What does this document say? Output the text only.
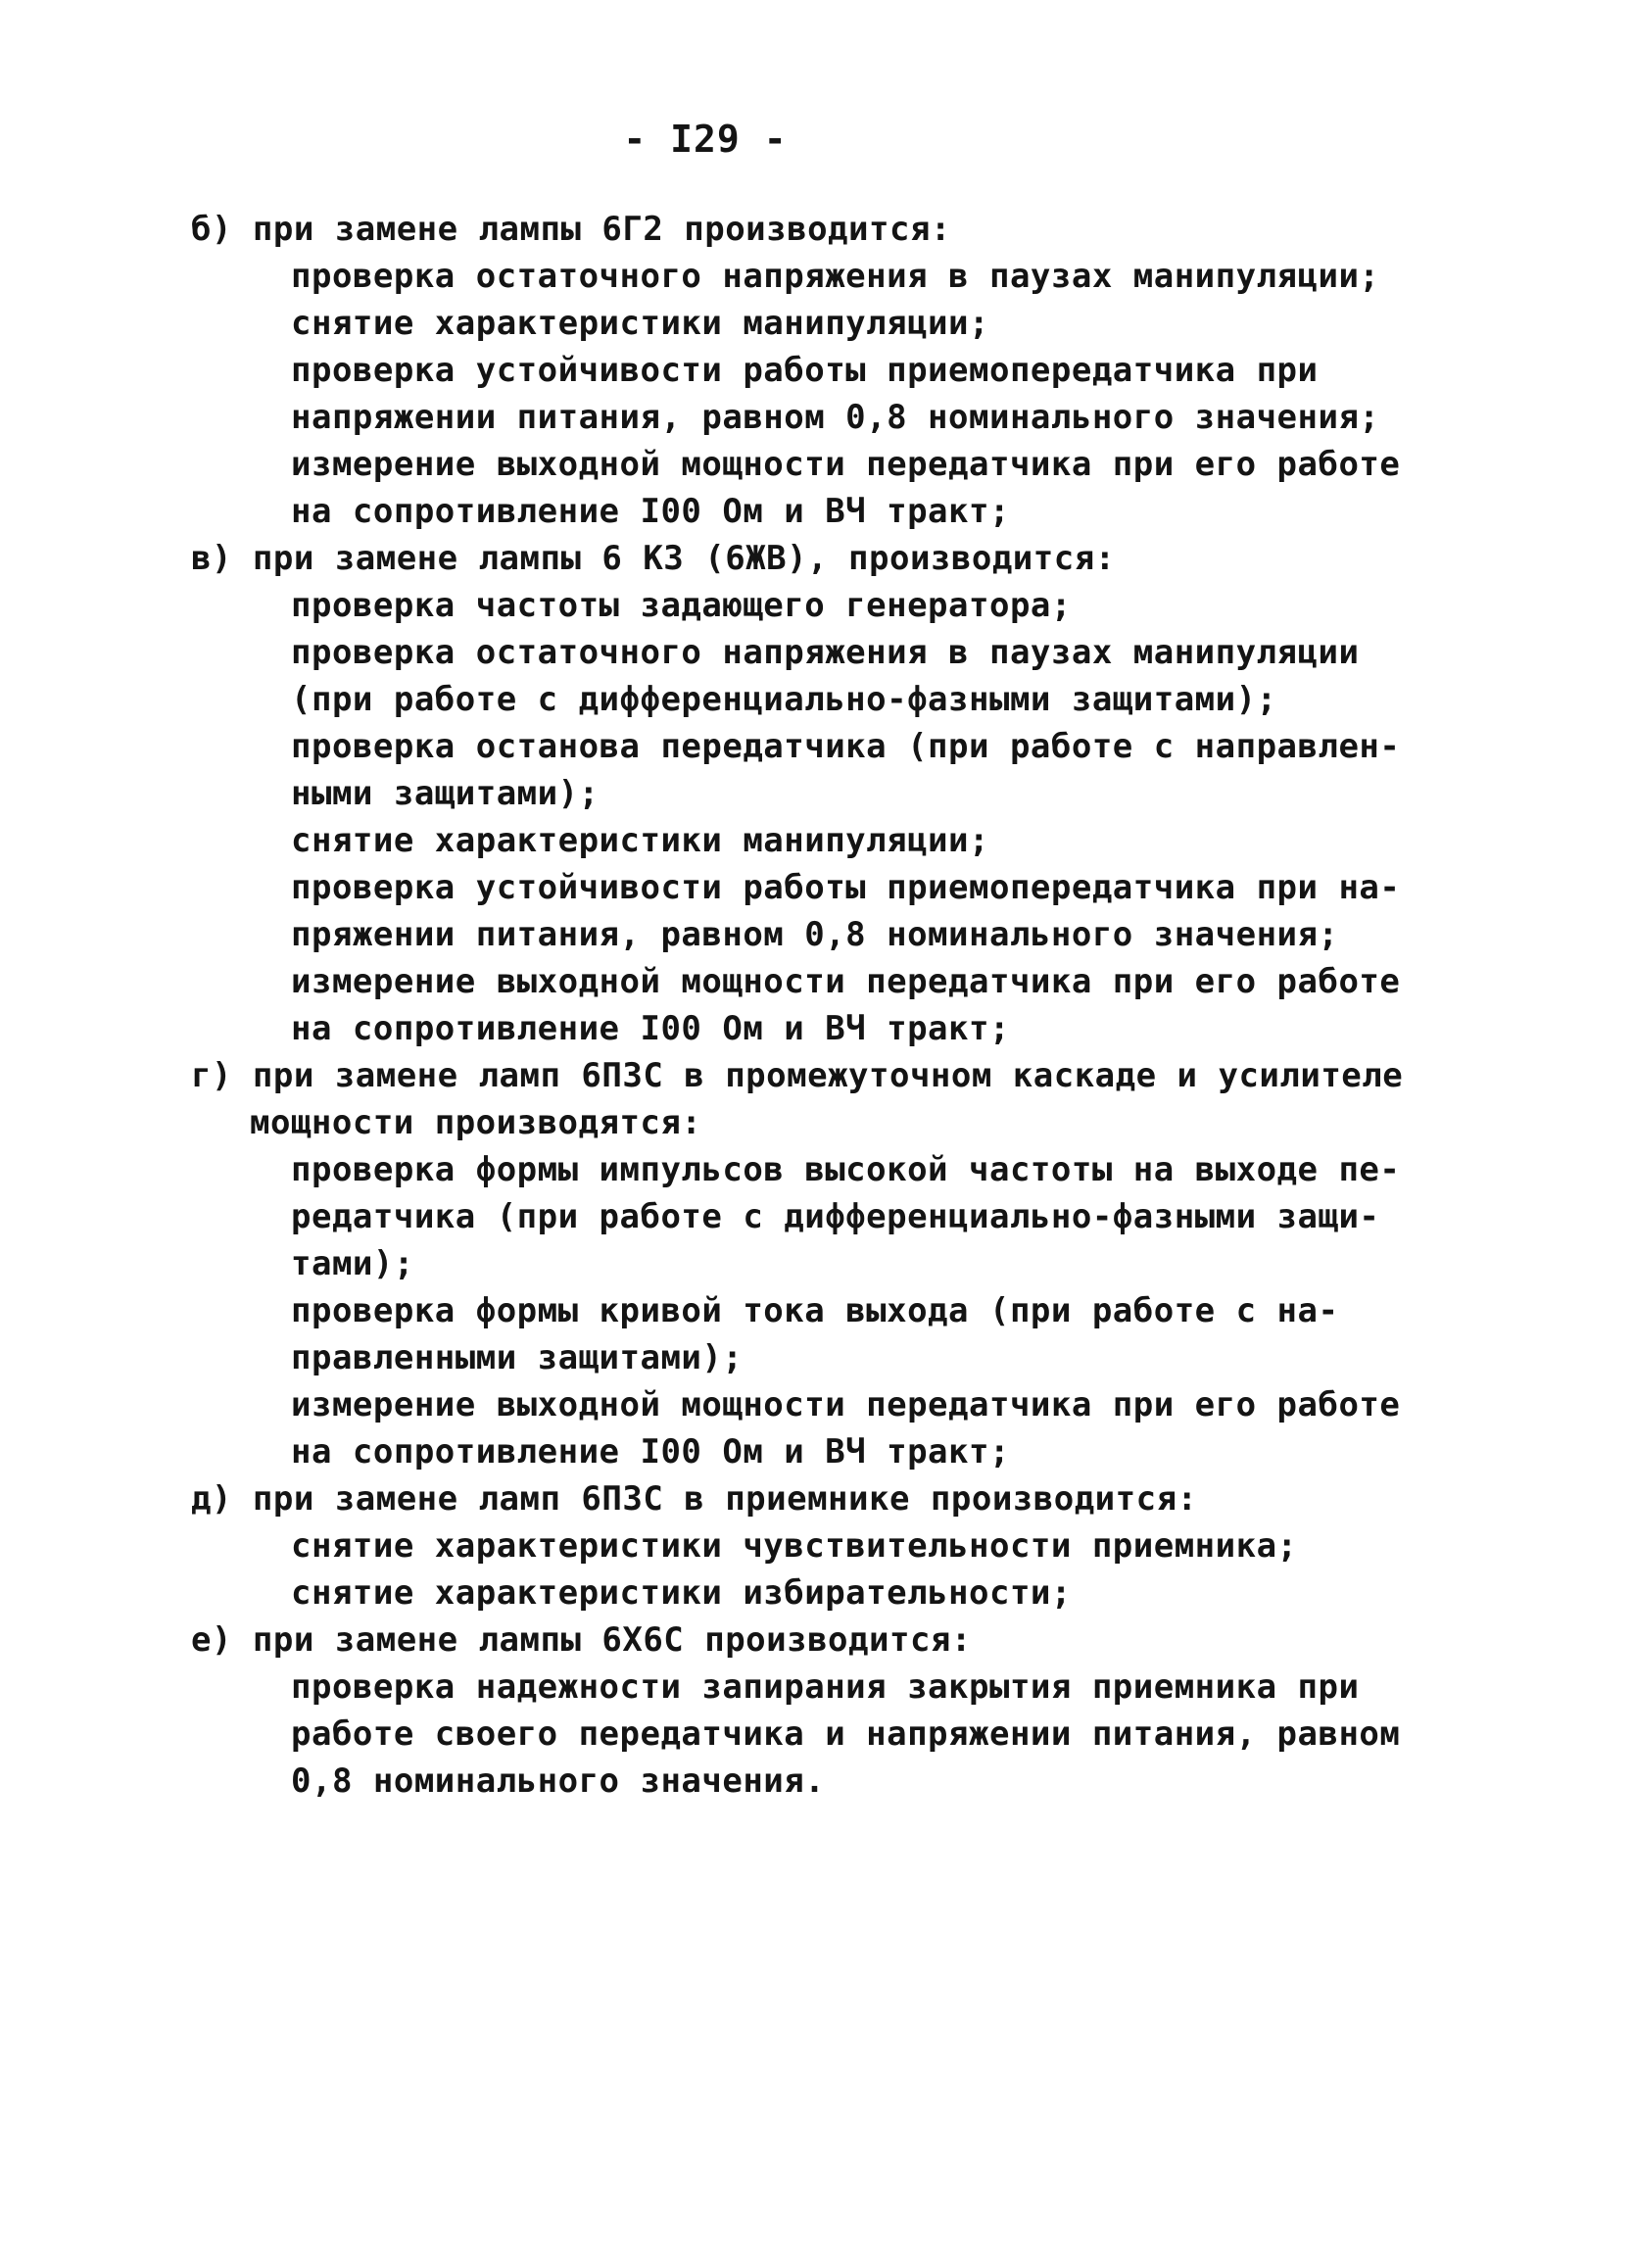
- I29 -
б) при замене лампы 6Г2 производится:
проверка остаточного напряжения в паузах манипуляции;
снятие характеристики манипуляции;
проверка устойчивости работы приемопередатчика при
напряжении питания, равном 0,8 номинального значения;
измерение выходной мощности передатчика при его работе
на сопротивление I00 Ом и ВЧ тракт;
в) при замене лампы 6 К3 (6ЖВ), производится:
проверка частоты задающего генератора;
проверка остаточного напряжения в паузах манипуляции
(при работе с дифференциально-фазными защитами);
проверка останова передатчика (при работе с направлен-
ными защитами);
снятие характеристики манипуляции;
проверка устойчивости работы приемопередатчика при на-
пряжении питания, равном 0,8 номинального значения;
измерение выходной мощности передатчика при его работе
на сопротивление I00 Ом и ВЧ тракт;
г) при замене ламп 6П3С в промежуточном каскаде и усилителе
мощности производятся:
проверка формы импульсов высокой частоты на выходе пе-
редатчика (при работе с дифференциально-фазными защи-
тами);
проверка формы кривой тока выхода (при работе с на-
правленными защитами);
измерение выходной мощности передатчика при его работе
на сопротивление I00 Ом и ВЧ тракт;
д) при замене ламп 6П3С в приемнике производится:
снятие характеристики чувствительности приемника;
снятие характеристики избирательности;
е) при замене лампы 6Х6С производится:
проверка надежности запирания закрытия приемника при
работе своего передатчика и напряжении питания, равном
0,8 номинального значения.
